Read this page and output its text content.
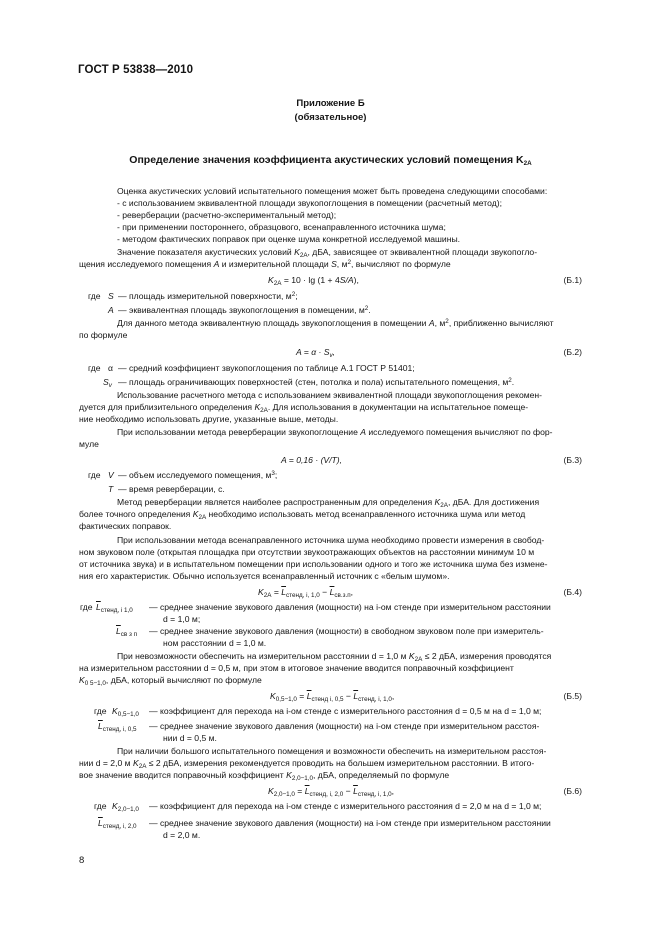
ГОСТ Р 53838—2010
Приложение Б
(обязательное)
Определение значения коэффициента акустических условий помещения $K_{2A}$
Оценка акустических условий испытательного помещения может быть проведена следующими способами:
- с использованием эквивалентной площади звукопоглощения в помещении (расчетный метод);
- реверберации (расчетно-экспериментальный метод);
- при применении постороннего, образцового, всенаправленного источника шума;
- методом фактических поправок при оценке шума конкретной исследуемой машины.
Значение показателя акустических условий $K_{2A}$, дБА, зависящее от эквивалентной площади звукопогло-
щения исследуемого помещения A и измерительной площади S, $м^2$, вычисляют по формуле
$K_{2A} = 10 \cdot \lg (1 + 4S/A)$,	(Б.1)
где S — площадь измерительной поверхности, $м^2$;
A — эквивалентная площадь звукопоглощения в помещении, $м^2$.
Для данного метода эквивалентную площадь звукопоглощения в помещении A, $м^2$, приближенно вычисляют
по формуле
$A = \alpha \cdot S_v$,	(Б.2)
где α — средний коэффициент звукопоглощения по таблице А.1 ГОСТ Р 51401;
$S_v$ — площадь ограничивающих поверхностей (стен, потолка и пола) испытательного помещения, $м^2$.
Использование расчетного метода с использованием эквивалентной площади звукопоглощения рекомен-
дуется для приблизительного определения $K_{2A}$. Для использования в документации на испытательное помеще-
ние необходимо использовать другие, указанные выше, методы.
При использовании метода реверберации звукопоглощение A исследуемого помещения вычисляют по фор-
муле
A = 0,16 · (V/T),	(Б.3)
где V — объем исследуемого помещения, $м^3$;
T — время реверберации, с.
Метод реверберации является наиболее распространенным для определения $K_{2A}$, дБА. Для достижения
более точного определения $K_{2A}$ необходимо использовать метод всенаправленного источника шума или метод
фактических поправок.
При использовании метода всенаправленного источника шума необходимо провести измерения в свобод-
ном звуковом поле (открытая площадка при отсутствии звукоотражающих объектов на расстоянии минимум 10 м
от источника звука) и в испытательном помещении при использовании одного и того же источника шума без измене-
ния его характеристик. Обычно используется всенаправленный источник с «белым шумом».
$K_{2A} = \overline{L}_{стенд, i, 1,0} - \overline{L}_{св.з.п}$,	(Б.4)
где $\overline{L}_{стенд, i 1,0}$ — среднее значение звукового давления (мощности) на i-ом стенде при измерительном расстоянии
d = 1,0 м;
$\overline{L}_{св з п}$ — среднее значение звукового давления (мощности) в свободном звуковом поле при измеритель-
ном расстоянии d = 1,0 м.
При невозможности обеспечить на измерительном расстоянии d = 1,0 м $K_{2A} \le 2$ дБА, измерения проводятся
на измерительном расстоянии d = 0,5 м, при этом в итоговое значение вводится поправочный коэффициент
$K_{0 5-1,0}$, дБА, который вычисляют по формуле
$K_{0,5-1,0} = \overline{L}_{стенд i, 0,5} - \overline{L}_{стенд, i, 1,0}$,	(Б.5)
где $K_{0,5-1,0}$ — коэффициент для перехода на i-ом стенде с измерительного расстояния d = 0,5 м на d = 1,0 м;
$\overline{L}_{стенд, i, 0,5}$ — среднее значение звукового давления (мощности) на i-ом стенде при измерительном расстоя-
нии d = 0,5 м.
При наличии большого испытательного помещения и возможности обеспечить на измерительном расстоя-
нии d = 2,0 м $K_{2A} \le 2$ дБА, измерения рекомендуется проводить на большем измерительном расстоянии. В итого-
вое значение вводится поправочный коэффициент $K_{2,0-1,0}$, дБА, определяемый по формуле
$K_{2,0-1,0} = \overline{L}_{стенд, i, 2,0} - \overline{L}_{стенд, i, 1,0}$,	(Б.6)
где $K_{2,0-1,0}$ — коэффициент для перехода на i-ом стенде с измерительного расстояния d = 2,0 м на d = 1,0 м;
$\overline{L}_{стенд, i, 2,0}$ — среднее значение звукового давления (мощности) на i-ом стенде при измерительном расстоянии
d = 2,0 м.
8
